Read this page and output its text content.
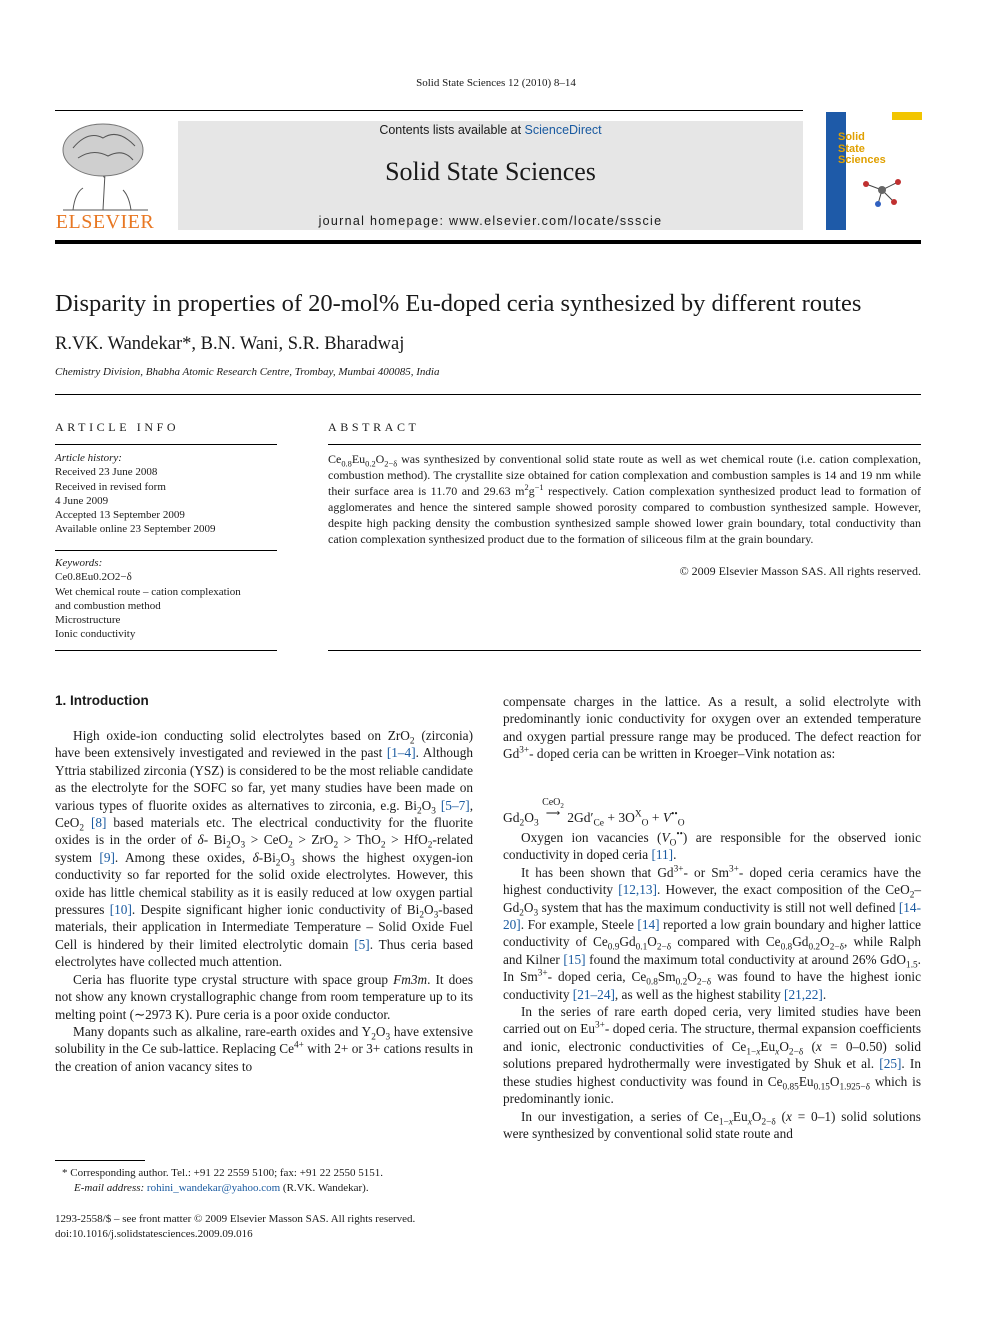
Solid State Sciences 12 (2010) 8–14
ELSEVIER
Contents lists available at ScienceDirect
Solid State Sciences
journal homepage: www.elsevier.com/locate/ssscie
Solid
State
Sciences
Disparity in properties of 20-mol% Eu-doped ceria synthesized by different routes
R.VK. Wandekar*, B.N. Wani, S.R. Bharadwaj
Chemistry Division, Bhabha Atomic Research Centre, Trombay, Mumbai 400085, India
ARTICLE INFO
Article history:
Received 23 June 2008
Received in revised form
4 June 2009
Accepted 13 September 2009
Available online 23 September 2009
Keywords:
Ce0.8Eu0.2O2−δ
Wet chemical route – cation complexation
and combustion method
Microstructure
Ionic conductivity
ABSTRACT
$Ce_{0.8}Eu_{0.2}O_{2-\delta}$ was synthesized by conventional solid state route as well as wet chemical route (i.e. cation complexation, combustion method). The crystallite size obtained for cation complexation and combustion samples is 14 and 19 nm while their surface area is 11.70 and 29.63 $m^2g^{-1}$ respectively. Cation complexation synthesized product lead to formation of agglomerates and hence the sintered sample showed porosity compared to combustion synthesized sample. However, despite high packing density the combustion synthesized sample showed lower grain boundary, total conductivity than cation complexation synthesized product due to the formation of siliceous film at the grain boundary.
© 2009 Elsevier Masson SAS. All rights reserved.
1. Introduction

High oxide-ion conducting solid electrolytes based on ZrO$_2$ (zirconia) have been extensively investigated and reviewed in the past [1–4]. Although Yttria stabilized zirconia (YSZ) is considered to be the most reliable candidate as the electrolyte for the SOFC so far, yet many studies have been made on various types of fluorite oxides as alternatives to zirconia, e.g. $Bi_2O_3$ [5–7], CeO$_2$ [8] based materials etc. The electrical conductivity for the fluorite oxides is in the order of δ- $Bi_2O_3 > CeO_2 > ZrO_2 > ThO_2$ > HfO$_2$-related system [9]. Among these oxides, $\delta-Bi_2O_3$ shows the highest oxygen-ion conductivity so far reported for the solid oxide electrolytes. However, this oxide has little chemical stability as it is easily reduced at low oxygen partial pressures [10]. Despite significant higher ionic conductivity of $Bi_2O_3$-based materials, their application in Intermediate Temperature – Solid Oxide Fuel Cell is hindered by their limited electrolytic domain [5]. Thus ceria based electrolytes have collected much attention.

Ceria has fluorite type crystal structure with space group Fm3m. It does not show any known crystallographic change from room temperature up to its melting point (∼2973 K). Pure ceria is a poor oxide conductor.

Many dopants such as alkaline, rare-earth oxides and $Y_2O_3$ have extensive solubility in the Ce sub-lattice. Replacing $Ce^{4+}$ with 2+ or 3+ cations results in the creation of anion vacancy sites to

compensate charges in the lattice. As a result, a solid electrolyte with predominantly ionic conductivity for oxygen over an extended temperature and oxygen partial pressure range may be produced. The defect reaction for $Gd^{3+}-$ doped ceria can be written in Kroeger–Vink notation as:

$Gd_2O_3$ CeO$_2$
⟶ $2Gd'_{Ce} + 3O^X_O + V^{••}_O$

Oxygen ion vacancies $(V_O^{••})$ are responsible for the observed ionic conductivity in doped ceria [11].

It has been shown that $Gd^{3+}-$ or $Sm^{3+}-$ doped ceria ceramics have the highest conductivity [12,13]. However, the exact composition of the $CeO_2-Gd_2O_3$ system that has the maximum conductivity is still not well defined [14-20]. For example, Steele [14] reported a low grain boundary and higher lattice conductivity of $Ce_{0.9}Gd_{0.1}O_{2-\delta}$ compared with $Ce_{0.8}Gd_{0.2}O_{2-\delta}$, while Ralph and Kilner [15] found the maximum total conductivity at around 26% GdO$_{1.5}$. In $Sm^{3+}-$ doped ceria, $Ce_{0.8}Sm_{0.2}O_{2-\delta}$ was found to have the highest ionic conductivity [21–24], as well as the highest stability [21,22].

In the series of rare earth doped ceria, very limited studies have been carried out on $Eu^{3+}-$ doped ceria. The structure, thermal expansion coefficients and ionic, electronic conductivities of $Ce_{1-x}Eu_xO_{2-\delta}$ (x = 0–0.50) solid solutions prepared hydrothermally were investigated by Shuk et al. [25]. In these studies highest conductivity was found in $Ce_{0.85}Eu_{0.15}O_{1.925-\delta}$ which is predominantly ionic.

In our investigation, a series of $Ce_{1-x}Eu_xO_{2-\delta}$ (x = 0–1) solid solutions were synthesized by conventional solid state route and

* Corresponding author. Tel.: +91 22 2559 5100; fax: +91 22 2550 5151.
E-mail address: rohini_wandekar@yahoo.com (R.VK. Wandekar).
1293-2558/$ – see front matter © 2009 Elsevier Masson SAS. All rights reserved.
doi:10.1016/j.solidstatesciences.2009.09.016
